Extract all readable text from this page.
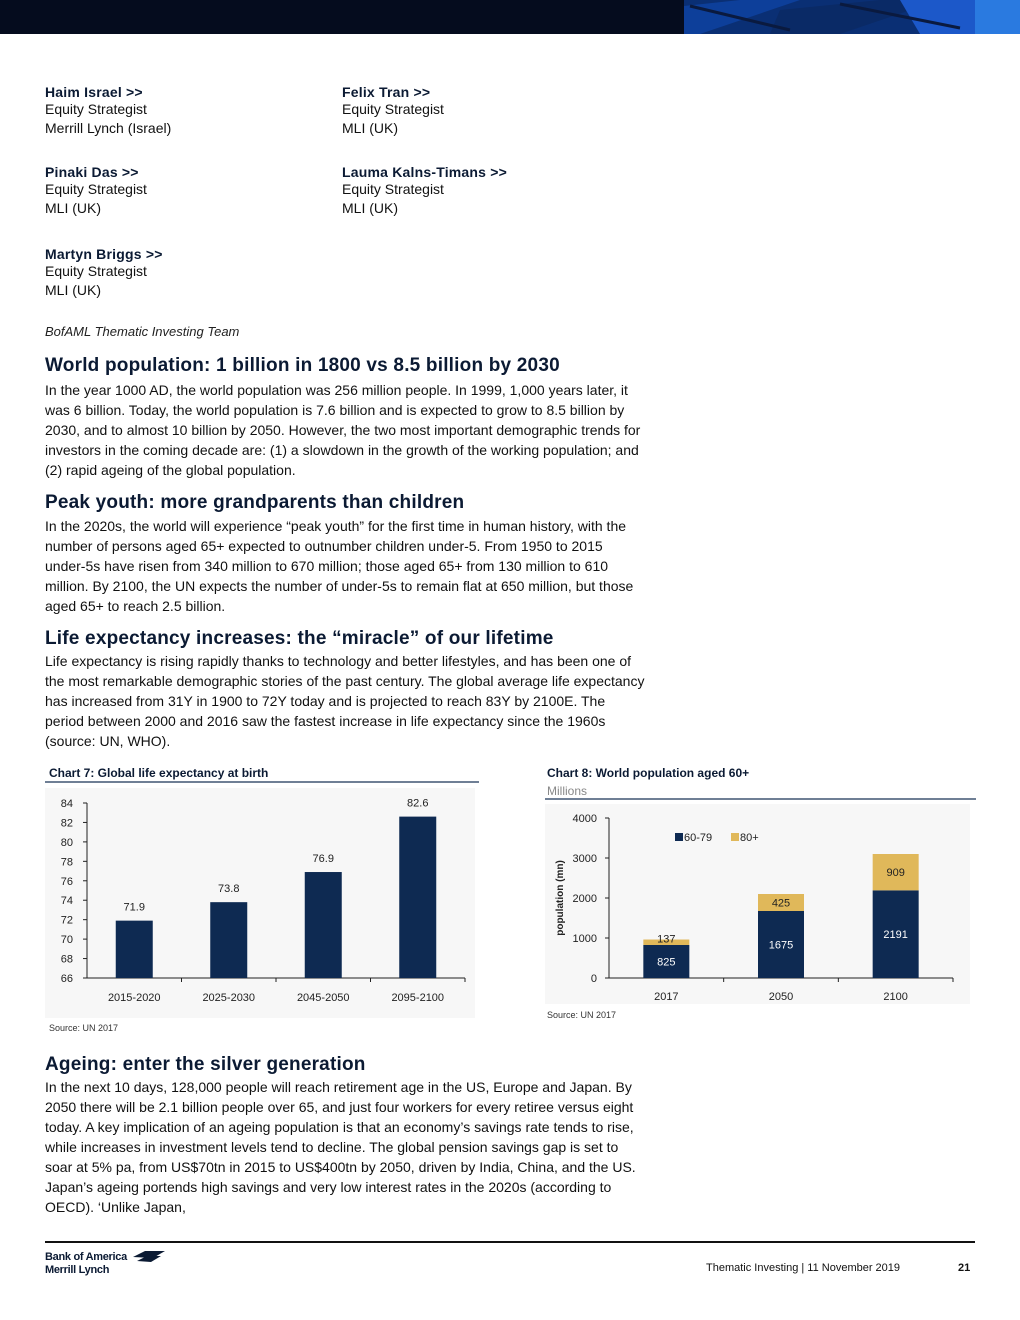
Haim Israel >>
Equity Strategist
Merrill Lynch (Israel)
Felix Tran >>
Equity Strategist
MLI (UK)
Pinaki Das >>
Equity Strategist
MLI (UK)
Lauma Kalns-Timans >>
Equity Strategist
MLI (UK)
Martyn Briggs >>
Equity Strategist
MLI (UK)
BofAML Thematic Investing Team
World population: 1 billion in 1800 vs 8.5 billion by 2030

In the year 1000 AD, the world population was 256 million people. In 1999, 1,000 years later, it was 6 billion. Today, the world population is 7.6 billion and is expected to grow to 8.5 billion by 2030, and to almost 10 billion by 2050. However, the two most important demographic trends for investors in the coming decade are: (1) a slowdown in the growth of the working population; and (2) rapid ageing of the global population.

Peak youth: more grandparents than children

In the 2020s, the world will experience “peak youth” for the first time in human history, with the number of persons aged 65+ expected to outnumber children under-5. From 1950 to 2015 under-5s have risen from 340 million to 670 million; those aged 65+ from 130 million to 610 million. By 2100, the UN expects the number of under-5s to remain flat at 650 million, but those aged 65+ to reach 2.5 billion.

Life expectancy increases: the “miracle” of our lifetime

Life expectancy is rising rapidly thanks to technology and better lifestyles, and has been one of the most remarkable demographic stories of the past century. The global average life expectancy has increased from 31Y in 1900 to 72Y today and is projected to reach 83Y by 2100E. The period between 2000 and 2016 saw the fastest increase in life expectancy since the 1960s (source: UN, WHO).

Chart 7: Global life expectancy at birth
66
68
70
72
74
76
78
80
82
84
71.9
2015-2020
73.8
2025-2030
76.9
2045-2050
82.6
2095-2100
Source: UN 2017
Chart 8: World population aged 60+
Millions
0
1000
2000
3000
4000
population (mn)
825
137
2017
1675
425
2050
2191
909
2100
60-79	80+
Source: UN 2017
Ageing: enter the silver generation

In the next 10 days, 128,000 people will reach retirement age in the US, Europe and Japan. By 2050 there will be 2.1 billion people over 65, and just four workers for every retiree versus eight today. A key implication of an ageing population is that an economy’s savings rate tends to rise, while increases in investment levels tend to decline. The global pension savings gap is set to soar at 5% pa, from US$70tn in 2015 to US$400tn by 2050, driven by India, China, and the US. Japan’s ageing portends high savings and very low interest rates in the 2020s (according to OECD). ‘Unlike Japan,

Bank of America
Merrill Lynch	Thematic Investing | 11 November 2019	21
